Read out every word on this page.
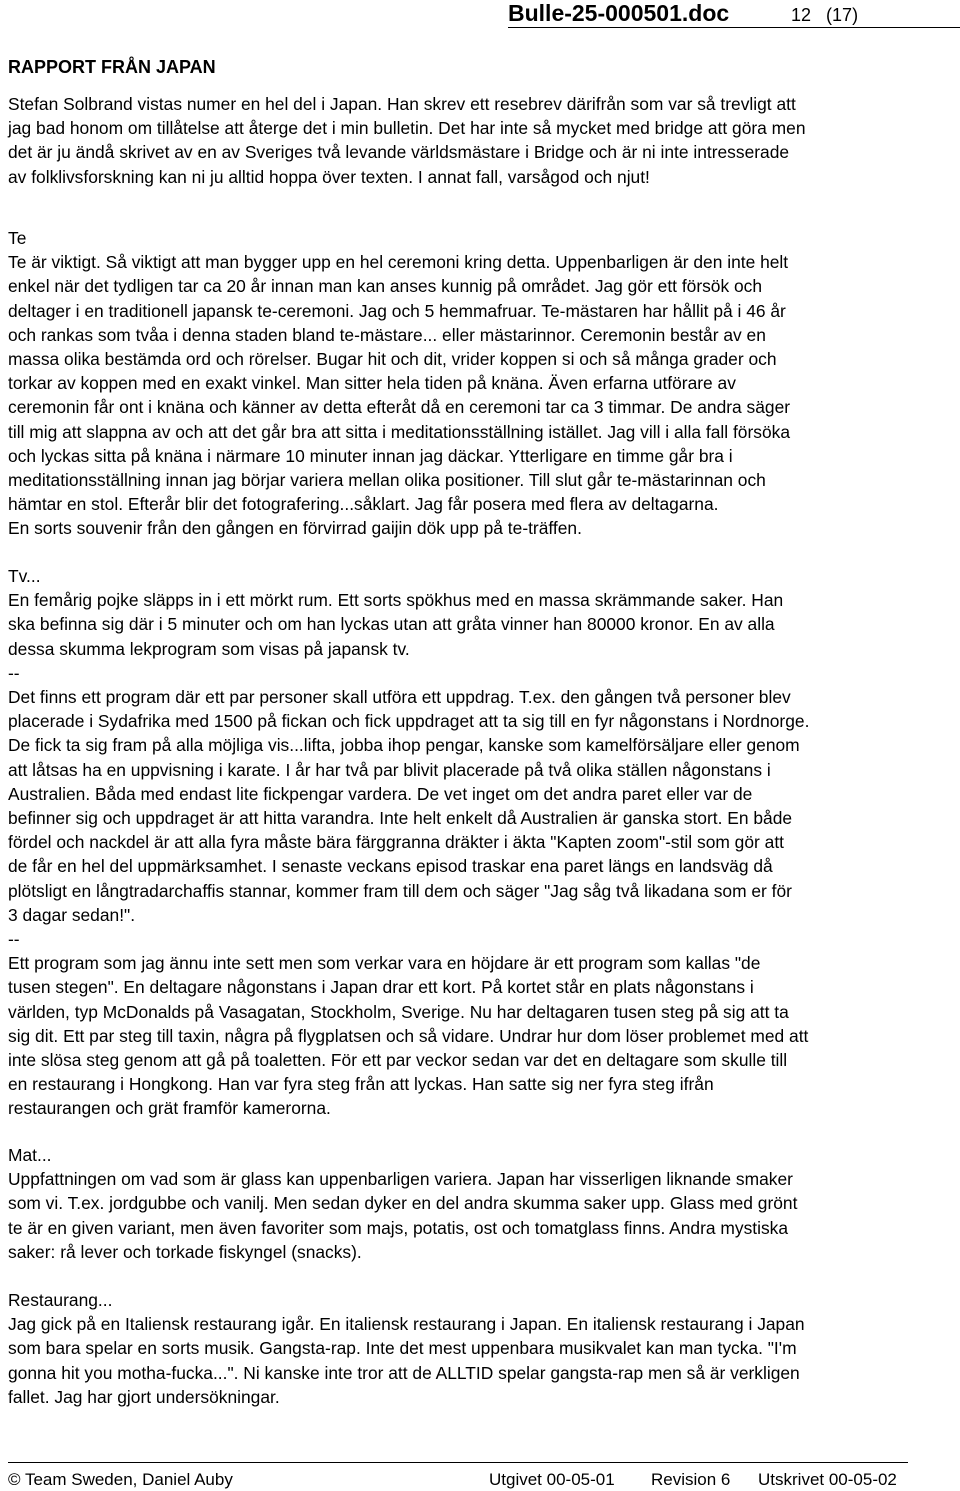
Bulle-25-000501.doc	12 (17)
RAPPORT FRÅN JAPAN
Stefan Solbrand vistas numer en hel del i Japan. Han skrev ett resebrev därifrån som var så trevligt att
jag bad honom om tillåtelse att återge det i min bulletin. Det har inte så mycket med bridge att göra men
det är ju ändå skrivet av en av Sveriges två levande världsmästare i Bridge och är ni inte intresserade
av folklivsforskning kan ni ju alltid hoppa över texten. I annat fall, varsågod och njut!
Te
Te är viktigt. Så viktigt att man bygger upp en hel ceremoni kring detta. Uppenbarligen är den inte helt
enkel när det tydligen tar ca 20 år innan man kan anses kunnig på området. Jag gör ett försök och
deltager i en traditionell japansk te-ceremoni. Jag och 5 hemmafruar. Te-mästaren har hållit på i 46 år
och rankas som tvåa i denna staden bland te-mästare... eller mästarinnor. Ceremonin består av en
massa olika bestämda ord och rörelser. Bugar hit och dit, vrider koppen si och så många grader och
torkar av koppen med en exakt vinkel. Man sitter hela tiden på knäna. Även erfarna utförare av
ceremonin får ont i knäna och känner av detta efteråt då en ceremoni tar ca 3 timmar. De andra säger
till mig att slappna av och att det går bra att sitta i meditationsställning istället. Jag vill i alla fall försöka
och lyckas sitta på knäna i närmare 10 minuter innan jag däckar. Ytterligare en timme går bra i
meditationsställning innan jag börjar variera mellan olika positioner. Till slut går te-mästarinnan och
hämtar en stol. Efterår blir det fotografering...såklart. Jag får posera med flera av deltagarna.
En sorts souvenir från den gången en förvirrad gaijin dök upp på te-träffen.
Tv...
En femårig pojke släpps in i ett mörkt rum. Ett sorts spökhus med en massa skrämmande saker. Han
ska befinna sig där i 5 minuter och om han lyckas utan att gråta vinner han 80000 kronor. En av alla
dessa skumma lekprogram som visas på japansk tv.
--
Det finns ett program där ett par personer skall utföra ett uppdrag. T.ex. den gången två personer blev
placerade i Sydafrika med 1500 på fickan och fick uppdraget att ta sig till en fyr någonstans i Nordnorge.
De fick ta sig fram på alla möjliga vis...lifta, jobba ihop pengar, kanske som kamelförsäljare eller genom
att låtsas ha en uppvisning i karate. I år har två par blivit placerade på två olika ställen någonstans i
Australien. Båda med endast lite fickpengar vardera. De vet inget om det andra paret eller var de
befinner sig och uppdraget är att hitta varandra. Inte helt enkelt då Australien är ganska stort. En både
fördel och nackdel är att alla fyra måste bära färggranna dräkter i äkta "Kapten zoom"-stil som gör att
de får en hel del uppmärksamhet. I senaste veckans episod traskar ena paret längs en landsväg då
plötsligt en långtradarchaffis stannar, kommer fram till dem och säger "Jag såg två likadana som er för
3 dagar sedan!".
--
Ett program som jag ännu inte sett men som verkar vara en höjdare är ett program som kallas "de
tusen stegen". En deltagare någonstans i Japan drar ett kort. På kortet står en plats någonstans i
världen, typ McDonalds på Vasagatan, Stockholm, Sverige. Nu har deltagaren tusen steg på sig att ta
sig dit. Ett par steg till taxin, några på flygplatsen och så vidare. Undrar hur dom löser problemet med att
inte slösa steg genom att gå på toaletten. För ett par veckor sedan var det en deltagare som skulle till
en restaurang i Hongkong. Han var fyra steg från att lyckas. Han satte sig ner fyra steg ifrån
restaurangen och grät framför kamerorna.
Mat...
Uppfattningen om vad som är glass kan uppenbarligen variera. Japan har visserligen liknande smaker
som vi. T.ex. jordgubbe och vanilj. Men sedan dyker en del andra skumma saker upp. Glass med grönt
te är en given variant, men även favoriter som majs, potatis, ost och tomatglass finns. Andra mystiska
saker: rå lever och torkade fiskyngel (snacks).
Restaurang...
Jag gick på en Italiensk restaurang igår. En italiensk restaurang i Japan. En italiensk restaurang i Japan
som bara spelar en sorts musik. Gangsta-rap. Inte det mest uppenbara musikvalet kan man tycka. "I'm
gonna hit you motha-fucka...". Ni kanske inte tror att de ALLTID spelar gangsta-rap men så är verkligen
fallet. Jag har gjort undersökningar.
© Team Sweden, Daniel Auby	Utgivet 00-05-01 Revision 6 Utskrivet 00-05-02
